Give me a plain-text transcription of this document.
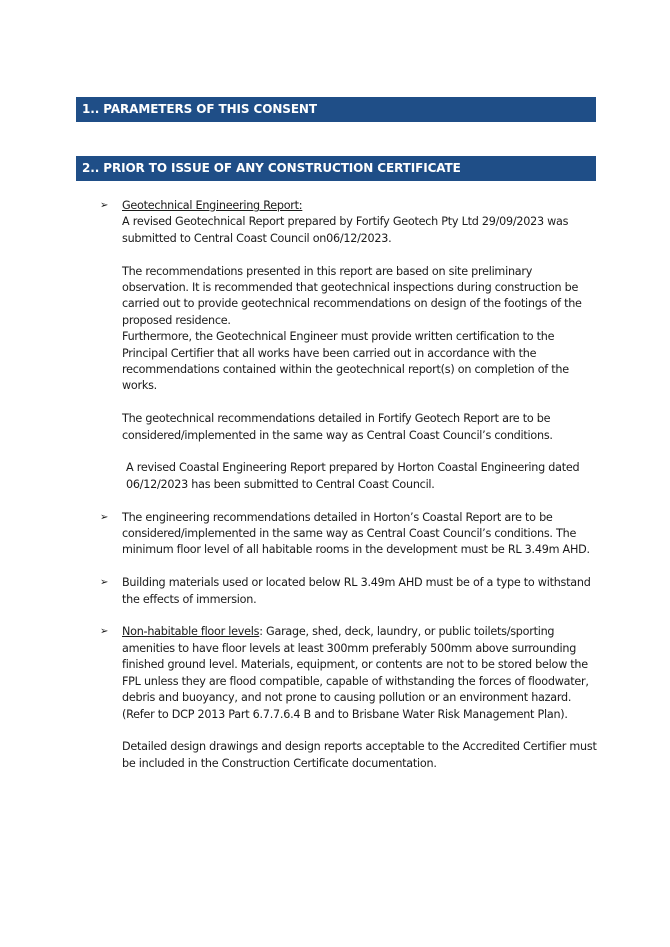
1.. PARAMETERS OF THIS CONSENT
2.. PRIOR TO ISSUE OF ANY CONSTRUCTION CERTIFICATE
➢ Geotechnical Engineering Report:

A revised Geotechnical Report prepared by Fortify Geotech Pty Ltd 29/09/2023 was submitted to Central Coast Council on06/12/2023.

The recommendations presented in this report are based on site preliminary observation. It is recommended that geotechnical inspections during construction be carried out to provide geotechnical recommendations on design of the footings of the proposed residence.

Furthermore, the Geotechnical Engineer must provide written certification to the Principal Certifier that all works have been carried out in accordance with the recommendations contained within the geotechnical report(s) on completion of the works.

The geotechnical recommendations detailed in Fortify Geotech Report are to be considered/implemented in the same way as Central Coast Council’s conditions.

A revised Coastal Engineering Report prepared by Horton Coastal Engineering dated 06/12/2023 has been submitted to Central Coast Council.

➢ The engineering recommendations detailed in Horton’s Coastal Report are to be considered/implemented in the same way as Central Coast Council’s conditions. The minimum floor level of all habitable rooms in the development must be RL 3.49m AHD.

➢ Building materials used or located below RL 3.49m AHD must be of a type to withstand the effects of immersion.

➢ Non-habitable floor levels: Garage, shed, deck, laundry, or public toilets/sporting amenities to have floor levels at least 300mm preferably 500mm above surrounding finished ground level. Materials, equipment, or contents are not to be stored below the FPL unless they are flood compatible, capable of withstanding the forces of floodwater, debris and buoyancy, and not prone to causing pollution or an environment hazard. (Refer to DCP 2013 Part 6.7.7.6.4 B and to Brisbane Water Risk Management Plan).

Detailed design drawings and design reports acceptable to the Accredited Certifier must be included in the Construction Certificate documentation.
